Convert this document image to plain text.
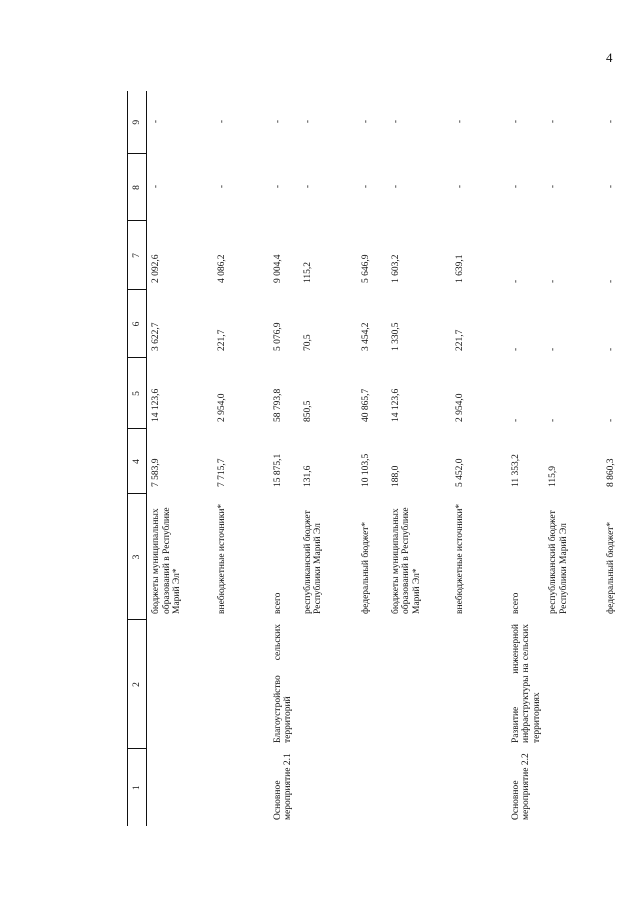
4
1	2	3	4	5	6	7	8	9
		бюджеты муниципальных образований в Республике Марий Эл*	7 583,9	14 123,6	3 622,7	2 092,6	-	-
		внебюджетные источники*	7 715,7	2 954,0	221,7	4 086,2	-	-
Основное мероприятие 2.1	Благоустройство сельских территорий	всего	15 875,1	58 793,8	5 076,9	9 004,4	-	-
		республиканский бюджет Республики Марий Эл	131,6	850,5	70,5	115,2	-	-
		федеральный бюджет*	10 103,5	40 865,7	3 454,2	5 646,9	-	-
		бюджеты муниципальных образований в Республике Марий Эл*	188,0	14 123,6	1 330,5	1 603,2	-	-
		внебюджетные источники*	5 452,0	2 954,0	221,7	1 639,1	-	-
Основное мероприятие 2.2	Развитие инженерной инфраструктуры на сельских территориях	всего	11 353,2	-	-	-	-	-
		республиканский бюджет Республики Марий Эл	115,9	-	-	-	-	-
		федеральный бюджет*	8 860,3	-	-	-	-	-
